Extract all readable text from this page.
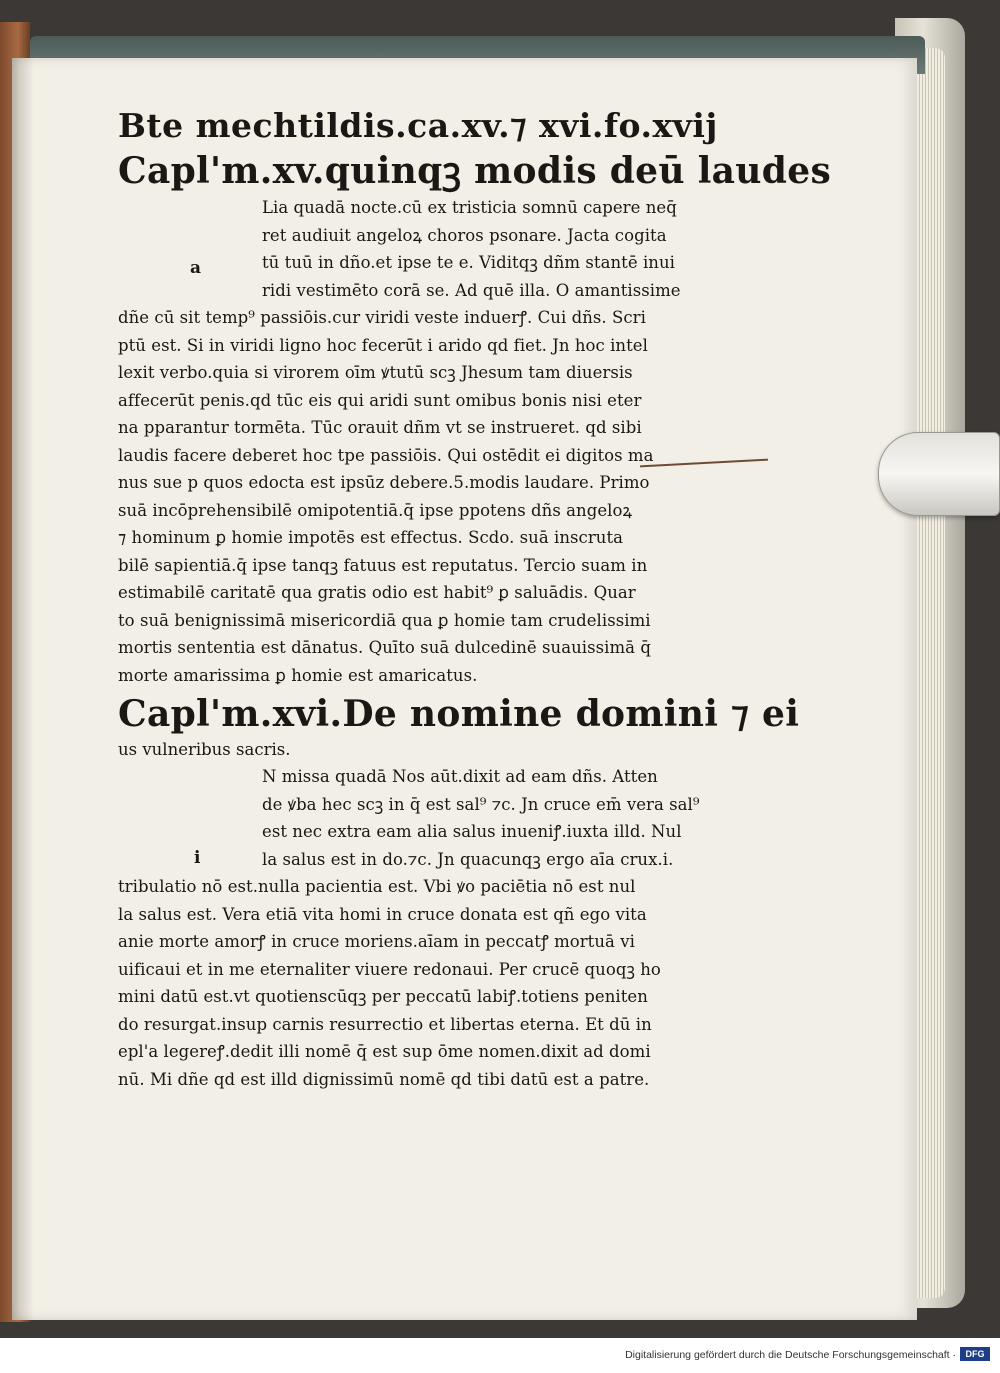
Bte mechtildis.ca.xv.⁊ xvi.fo.xvij

Capl'm.xv.quinqꝫ modis deū laudes

Lia quadā nocte.cū ex tristicia somnū capere neq̄

ret audiuit angeloꝝ choros psonare. Jacta cogita

tū tuū in dño.et ipse te e. Viditqꝫ dñm stantē inui

ridi vestimēto corā se. Ad quē illa. O amantissime

dñe cū sit temp⁹ passiōis.cur viridi veste induerꝭ. Cui dñs. Scri

ptū est. Si in viridi ligno hoc fecerūt i arido qd fiet. Jn hoc intel

lexit verbo.quia si virorem oīm ꝟtutū scꝫ Jhesum tam diuersis

affecerūt penis.qd tūc eis qui aridi sunt omibus bonis nisi eter

na pparantur tormēta. Tūc orauit dñm vt se instrueret. qd sibi

laudis facere deberet hoc tpe passiōis. Qui ostēdit ei digitos ma

nus sue p quos edocta est ipsūz debere.5.modis laudare. Primo

suā incōprehensibilē omipotentiā.q̄ ipse ppotens dñs angeloꝝ

⁊ hominum ꝑ homie impotēs est effectus. Scdo. suā inscruta

bilē sapientiā.q̄ ipse tanqꝫ fatuus est reputatus. Tercio suam in

estimabilē caritatē qua gratis odio est habit⁹ ꝑ saluādis. Quar

to suā benignissimā misericordiā qua ꝑ homie tam crudelissimi

mortis sententia est dānatus. Quīto suā dulcedinē suauissimā q̄

morte amarissima ꝑ homie est amaricatus.

Capl'm.xvi.De nomine domini ⁊ ei

us vulneribus sacris.

N missa quadā Nos aūt.dixit ad eam dñs. Atten

de ꝟba hec scꝫ in q̄ est sal⁹ ⁊c. Jn cruce em̄ vera sal⁹

est nec extra eam alia salus inueniꝭ.iuxta illd. Nul

la salus est in do.⁊c. Jn quacunqꝫ ergo aīa crux.i.

tribulatio nō est.nulla pacientia est. Vbi ꝟo paciētia nō est nul

la salus est. Vera etiā vita homi in cruce donata est qñ ego vita

anie morte amorꝭ in cruce moriens.aīam in peccatꝭ mortuā vi

uificaui et in me eternaliter viuere redonaui. Per crucē quoqꝫ ho

mini datū est.vt quotienscūqꝫ per peccatū labiꝭ.totiens peniten

do resurgat.insup carnis resurrectio et libertas eterna. Et dū in

epl'a legereꝭ.dedit illi nomē q̄ est sup ōme nomen.dixit ad domi

nū. Mi dñe qd est illd dignissimū nomē qd tibi datū est a patre.

a
i
Digitalisierung gefördert durch die Deutsche Forschungsgemeinschaft ·	DFG
